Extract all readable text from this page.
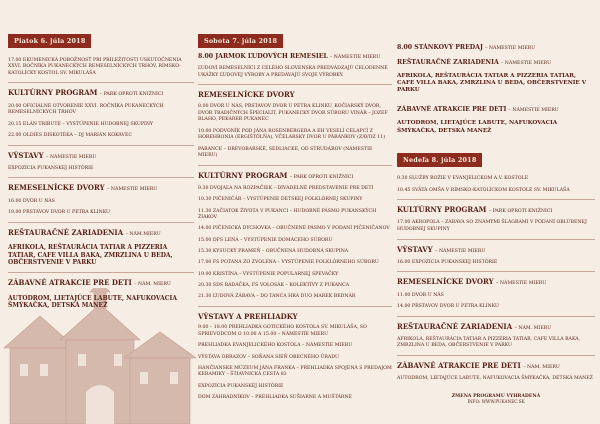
Piatok 6. júla 2018

17.00 EKUMENICKÁ POBOŽNOSŤ PRI PRÍLEŽITOSTI USKUTOČNENIA XXVI. ROČNÍKA PUKANECKÝCH REMESELNÍCKYCH TRHOV, RÍMSKO-KATOLÍCKY KOSTOL SV. MIKULÁŠA

KULTÚRNY PROGRAM – PARK OPROTI KNIŽNICI

20.00 OFICIÁLNE OTVORENIE XXVI. ROČNÍKA PUKANECKÝCH REMESELNÍCKYCH TRHOV

20.15 ELÁN TRIBUTE – VYSTÚPENIE HUDOBNEJ SKUPINY

22.00 OLDIES DISKOTÉKA – DJ MARIÁN KOKAVEC

VÝSTAVY – NÁMESTIE MIERU

EXPOZÍCIA PUKANSKEJ HISTÓRIE

REMESELNÍCKE DVORY – NÁMESTIE MIERU

16.00 DVOR U NÁS

19.00 PŔSTAVOV DVOR U PETRA KLINKU

REŠTAURAČNÉ ZARIADENIA – NÁM.MIERU

AFRIKOLA, REŠTAURÁCIA TATIAR A PIZZERIA TATIAR, CAFE VILLA BAKA, ZMRZLINA U BEDA, OBČERSTVENIE V PARKU

ZÁBAVNÉ ATRAKCIE PRE DETI – NÁM. MIERU

AUTODROM, LIETAJÚCE LABUTE, NAFUKOVACIA ŠMÝKAČKA, DETSKÁ MANEŽ

Sobota 7. júla 2018
8.00 JARMOK ĽUDOVÝCH REMESIEL – NÁMESTIE MIERU

ĽUDOVÍ REMESELNÍCI Z CELÉHO SLOVENSKA PREDVÁDZAJÚ CELODENNÉ UKÁŽKY ĽUDOVEJ VÝROBY A PREDÁVAJÚ SVOJE VÝROBKY.

REMESELNÍCKE DVORY

8.00 DVOR U NÁS, PŔSTAVOV DVOR U PETRA KLINKU, KOČIARSKÝ DVOR, DVOR TRADIČNÝCH ŠPECIALÍT, PUKANECKÝ DVOR SÚBORU VINÁR – JOZEF BLAHO, PEKÁRER PUKANEC

10.00 PODVONÍK POD JÁNA ROSENBERGERA A EH VESELÍ CELAPCÍ Z HOREHRONIA (ERGIŠTÔLŇA), VČELÁRSKY DVOR U PÁRÁNKOV (ZÁVOZ 11)

PÁRANCE – DREVOBARSKÉ, SEDLIACKE, OD STRUDÁROV (NÁMESTIE MIERU)

KULTÚRNY PROGRAM – PARK OPROTI KNIŽNICI

9.30 DVOJAĽA NA ROZPAČIEK – DIVADELNÉ PREDSTAVENIE PRE DETI

10.30 PIČENIČÁR – VYSTÚPENIE DETSKEJ FOLKLÓRNEJ SKUPINY

11.30 ZAČIATOK ŽIVOTA V PUKANCI – HUDOBNÉ PÁSMO PUKANSKÝCH ŽIAKOV

14.00 PIČENICKÁ DYCHOVKA – OBUČNENÉ PÁSMO V PODANÍ PIČENIČANOV

15.00 DFS LENA – VYSTÚPENIE DOMÁCEHO SÚBORU

15.30 KYSUCKÝ PRAMEŇ – OBUČNENÁ HUDOBNÁ SKUPINA

17.00 FS POTANA ZO ZVOLENA – VYSTÚPENIE FOLKLÓRNEHO SÚBORU

19.00 KRISTÍNA – VYSTÚPENIE POPULÁRNEJ SPEVÁČKY

20.30 SDS RADAČKA, FS VOLOSÁK – KOLEKTÍVY Z PUKANCA

21.30 ĽUDOVÁ ZÁBAVA – DO TANCA HRÁ DUO MAREK BEDNÁR

VÝSTAVY A PREHLIADKY

9.00 – 18.00 PREHLIADKA GOTICKÉHO KOSTOLA SV. MIKULÁŠA, SO SPRIEVODCOM O 10.00 A 15.00 – NÁMESTIE MIERU

PREHLIADKA EVANJELICKÉHO KOSTOLA – NÁMESTIE MIERU

VÝSTAVA OBRAZOV – SOŇANA SIEŇ OBECNÉHO ÚRADU

HANČIANSKE MÚZEUM JÁNA FRANKA – PREHLIADKA SPOJENÁ S PREDAJOM KERAMIKY – ŠTIAVNICKÁ CESTA 83

EXPOZÍCIA PUKANSKEJ HISTÓRIE

DOM ZÁHRADNÍKOV – PREHLIADKA SUŠIARNE A MUŠTÁRNE

8.00 STÁNKOVÝ PREDAJ – NÁMESTIE MIERU
REŠTAURAČNÉ ZARIADENIA – NÁMESTIE MIERU

AFRIKOLA, REŠTAURÁCIA TATIAR A PIZZERIA TATIAR, CAFE VILLA BAKA, ZMRZLINA U BEDA, OBČERSTVENIE V PARKU

ZÁBAVNÉ ATRAKCIE PRE DETI – NÁMESTIE MIERU

AUTODROM, LIETAJÚCE LABUTE, NAFUKOVACIA ŠMÝKAČKA, DETSKÁ MANEŽ

Nedeľa 8. júla 2018

9.30 SLUŽBY BOŽIE V EVANJELICKOM A.V. KOSTOLE

10.45 SVÄTÁ OMŠA V RÍMSKO-KATOLÍCKOM KOSTOLE SV. MIKULÁŠA

KULTÚRNY PROGRAM – PARK OPROTI KNIŽNICI

17.00 AKROPOLA – ZÁBAVA SO ZNÁMÝMI ŠLÁGRAMI V PODANÍ OBLÚBENEJ HUDOBNEJ SKUPINY

VÝSTAVY – NÁMESTIE MIERU

16.00 EXPOZÍCIA PUKANSKEJ HISTÓRIE

REMESELNÍCKE DVORY – NÁMESTIE MIERU

11.00 DVOR U NÁS

14.00 PŔSTAVOV DVOR U PETRA KLINKU

REŠTAURAČNÉ ZARIADENIA – NÁM. MIERU

AFRIKOLA, REŠTAURÁCIA TATIAR A PIZZERIA TATIAR, CAFE VILLA BAKA, ZMRZLINA U BEDA, OBČERSTVENIE V PARKU

ZÁBAVNÉ ATRAKCIE PRE DETI – NÁM. MIERU

AUTODROM, LIETAJÚCE LABUTE, NAFUKOVACIA ŠMÝKAČKA, DETSKÁ MANEŽ

ZMENA PROGRAMU VYHRADENÁ
INFO: WWW.PUKANEC.SK
